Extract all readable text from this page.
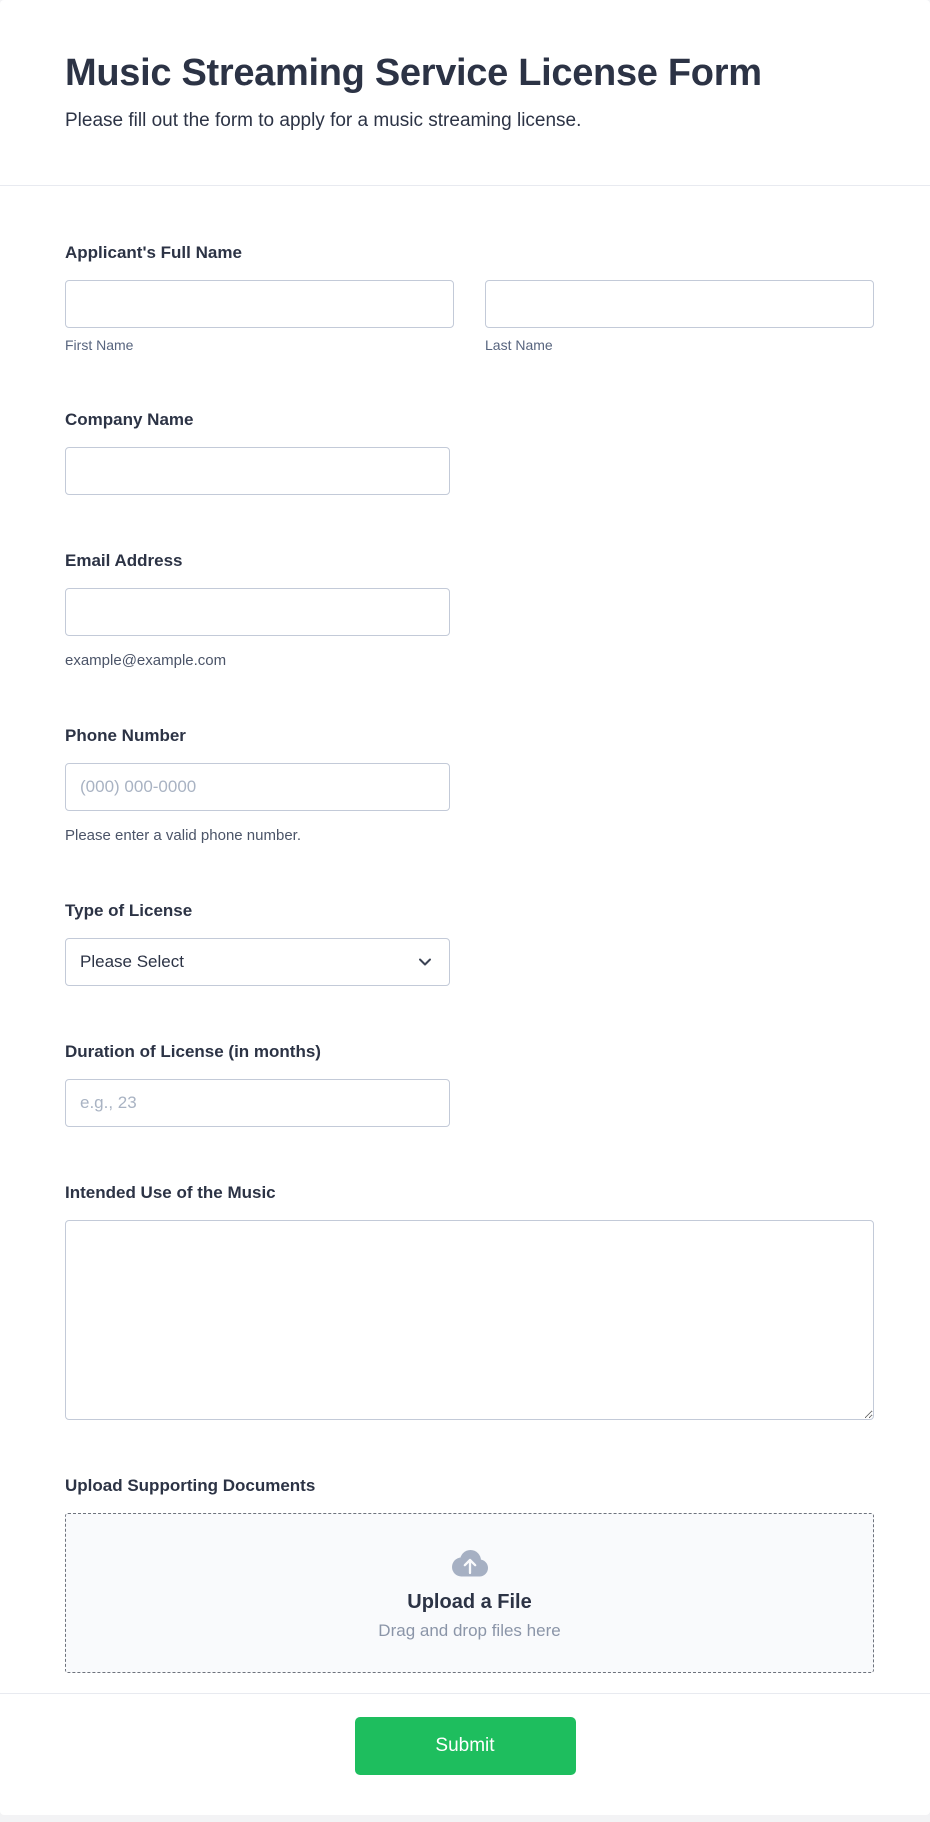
Music Streaming Service License Form

Please fill out the form to apply for a music streaming license.

Applicant's Full Name
First Name	Last Name
Company Name
Email Address
example@example.com
Phone Number
(000) 000-0000
Please enter a valid phone number.
Type of License
Please Select
Duration of License (in months)
e.g., 23
Intended Use of the Music
Upload Supporting Documents
Upload a File
Drag and drop files here
Submit
